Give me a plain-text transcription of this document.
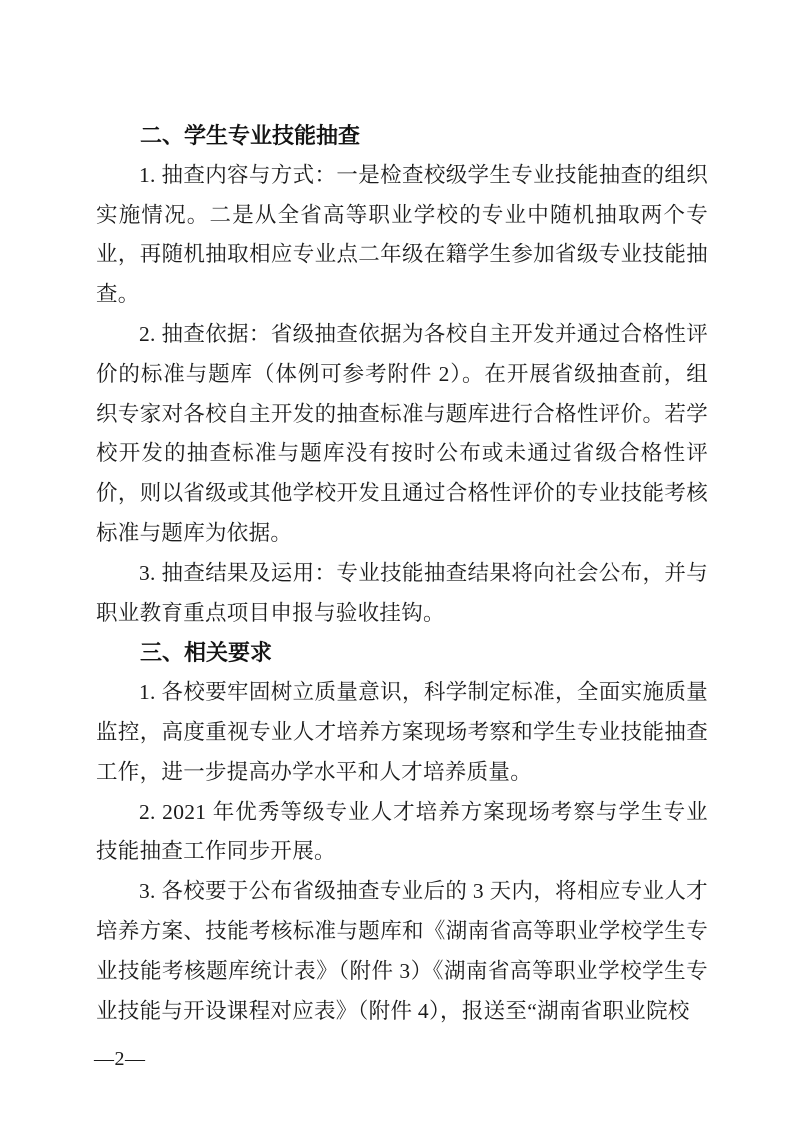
二、学生专业技能抽查

1. 抽查内容与方式：一是检查校级学生专业技能抽查的组织实施情况。二是从全省高等职业学校的专业中随机抽取两个专业，再随机抽取相应专业点二年级在籍学生参加省级专业技能抽查。

2. 抽查依据：省级抽查依据为各校自主开发并通过合格性评价的标准与题库（体例可参考附件 2）。在开展省级抽查前，组织专家对各校自主开发的抽查标准与题库进行合格性评价。若学校开发的抽查标准与题库没有按时公布或未通过省级合格性评价，则以省级或其他学校开发且通过合格性评价的专业技能考核标准与题库为依据。

3. 抽查结果及运用：专业技能抽查结果将向社会公布，并与职业教育重点项目申报与验收挂钩。

三、相关要求

1. 各校要牢固树立质量意识，科学制定标准，全面实施质量监控，高度重视专业人才培养方案现场考察和学生专业技能抽查工作，进一步提高办学水平和人才培养质量。

2. 2021 年优秀等级专业人才培养方案现场考察与学生专业技能抽查工作同步开展。

3. 各校要于公布省级抽查专业后的 3 天内，将相应专业人才培养方案、技能考核标准与题库和《湖南省高等职业学校学生专业技能考核题库统计表》（附件 3）《湖南省高等职业学校学生专业技能与开设课程对应表》（附件 4），报送至“湖南省职业院校

—2—
